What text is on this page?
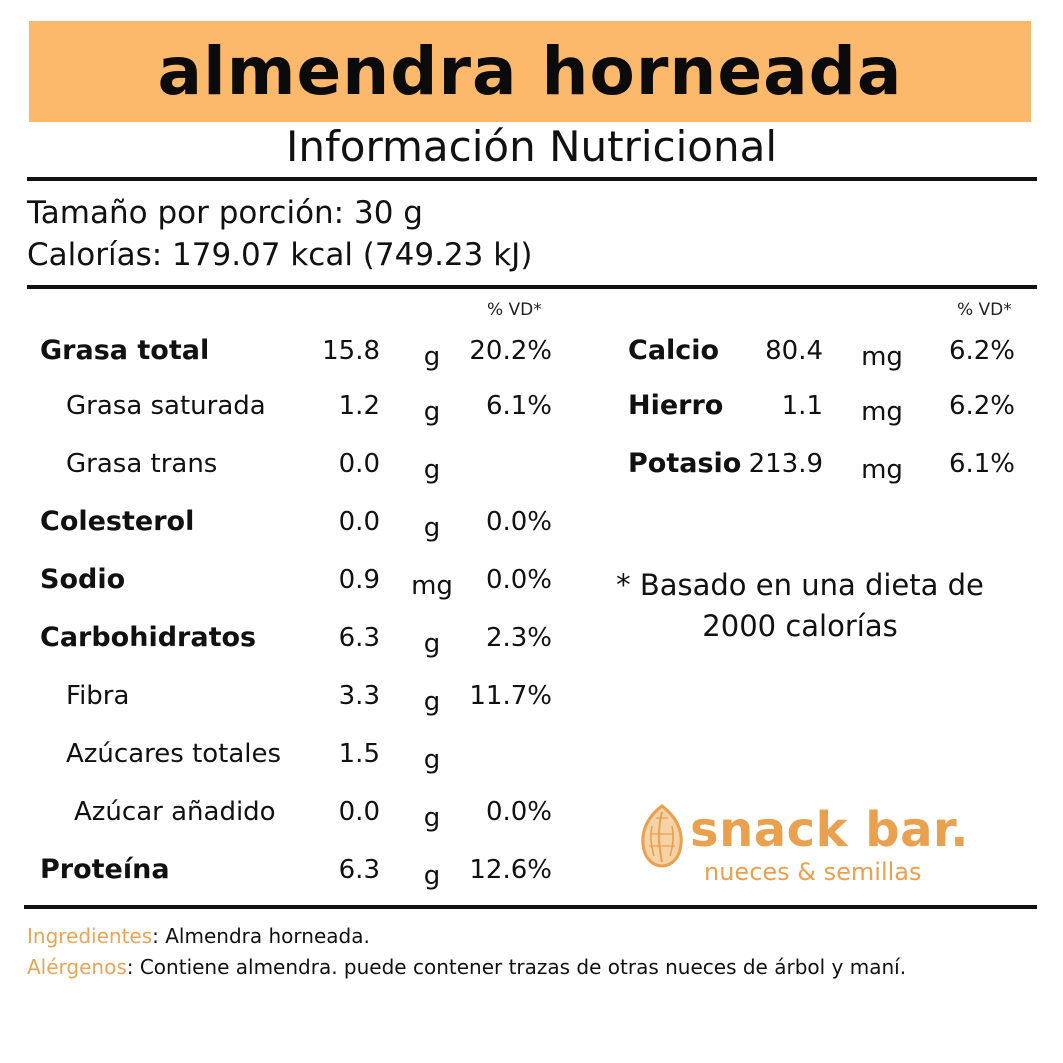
almendra horneada
Información Nutricional
Tamaño por porción: 30 g
Calorías: 179.07 kcal (749.23 kJ)
% VD*
Grasa total	15.8	g	20.2%
Grasa saturada	1.2	g	6.1%
Grasa trans	0.0	g
Colesterol	0.0	g	0.0%
Sodio	0.9	mg	0.0%
Carbohidratos	6.3	g	2.3%
Fibra	3.3	g	11.7%
Azúcares totales 1.5	g
Azúcar añadido 0.0	g	0.0%
Proteína	6.3	g	12.6%
% VD*
Calcio 80.4	mg	6.2%
Hierro 1.1	mg	6.2%
Potasio 213.9	mg	6.1%
* Basado en una dieta de
2000 calorías
snack bar.
nueces & semillas
Ingredientes: Almendra horneada.
Alérgenos: Contiene almendra. puede contener trazas de otras nueces de árbol y maní.
